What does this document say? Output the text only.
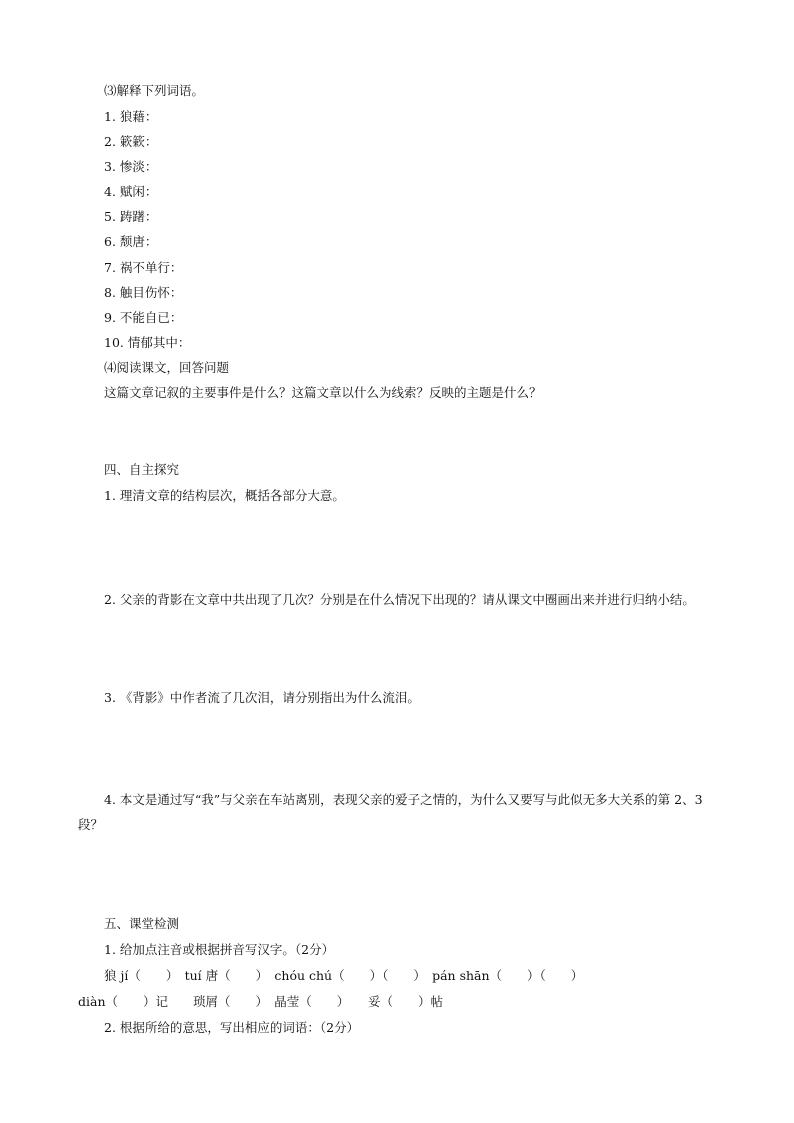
⑶解释下列词语。
1. 狼藉：
2. 簌簌：
3. 惨淡：
4. 赋闲：
5. 踌躇：
6. 颓唐：
7. 祸不单行：
8. 触目伤怀：
9. 不能自已：
10. 情郁其中：
⑷阅读课文，回答问题
这篇文章记叙的主要事件是什么？这篇文章以什么为线索？反映的主题是什么？
四、自主探究
1. 理清文章的结构层次，概括各部分大意。
2. 父亲的背影在文章中共出现了几次？分别是在什么情况下出现的？请从课文中圈画出来并进行归纳小结。
3. 《背影》中作者流了几次泪，请分别指出为什么流泪。
4. 本文是通过写“我”与父亲在车站离别，表现父亲的爱子之情的，为什么又要写与此似无多大关系的第 2、3 段？
五、课堂检测
1. 给加点注音或根据拼音写汉字。（2分）
狼 jí（　　）　tuí 唐（　　）　chóu chú（　　）（　　）　pán shān（　　）（　　）
diàn（　　）记　　琐屑（　　）　晶莹（　　）　　妥（　　）帖
2. 根据所给的意思，写出相应的词语：（2分）
